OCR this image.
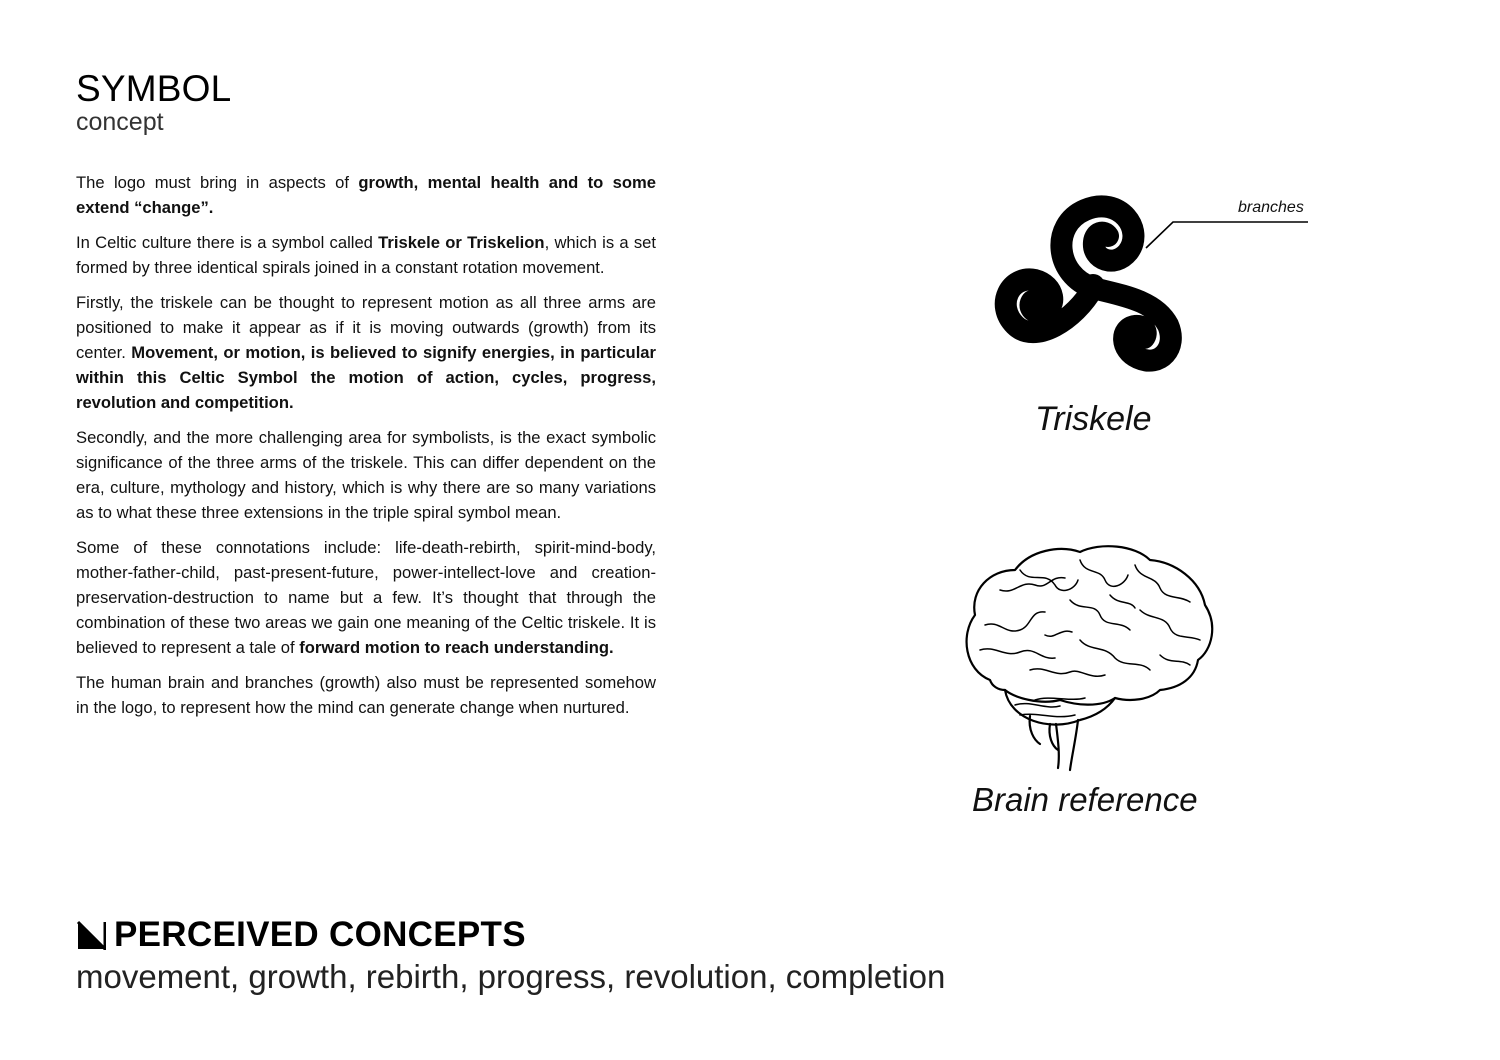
SYMBOL
concept

The logo must bring in aspects of growth, mental health and to some extend “change”.

In Celtic culture there is a symbol called Triskele or Triskelion, which is a set formed by three identical spirals joined in a constant rotation movement.

Firstly, the triskele can be thought to represent motion as all three arms are positioned to make it appear as if it is moving outwards (growth) from its center. Movement, or motion, is believed to signify energies, in particular within this Celtic Symbol the motion of action, cycles, progress, revolution and competition.

Secondly, and the more challenging area for symbolists, is the exact symbolic significance of the three arms of the triskele. This can differ dependent on the era, culture, mythology and history, which is why there are so many variations as to what these three extensions in the triple spiral symbol mean.

Some of these connotations include: life-death-rebirth, spirit-mind-body, mother-father-child, past-present-future, power-intellect-love and creation-preservation-destruction to name but a few. It’s thought that through the combination of these two areas we gain one meaning of the Celtic triskele. It is believed to represent a tale of forward motion to reach understanding.

The human brain and branches (growth) also must be represented somehow in the logo, to represent how the mind can generate change when nurtured.

branches
Triskele
Brain reference
PERCEIVED CONCEPTS
movement, growth, rebirth, progress, revolution, completion
